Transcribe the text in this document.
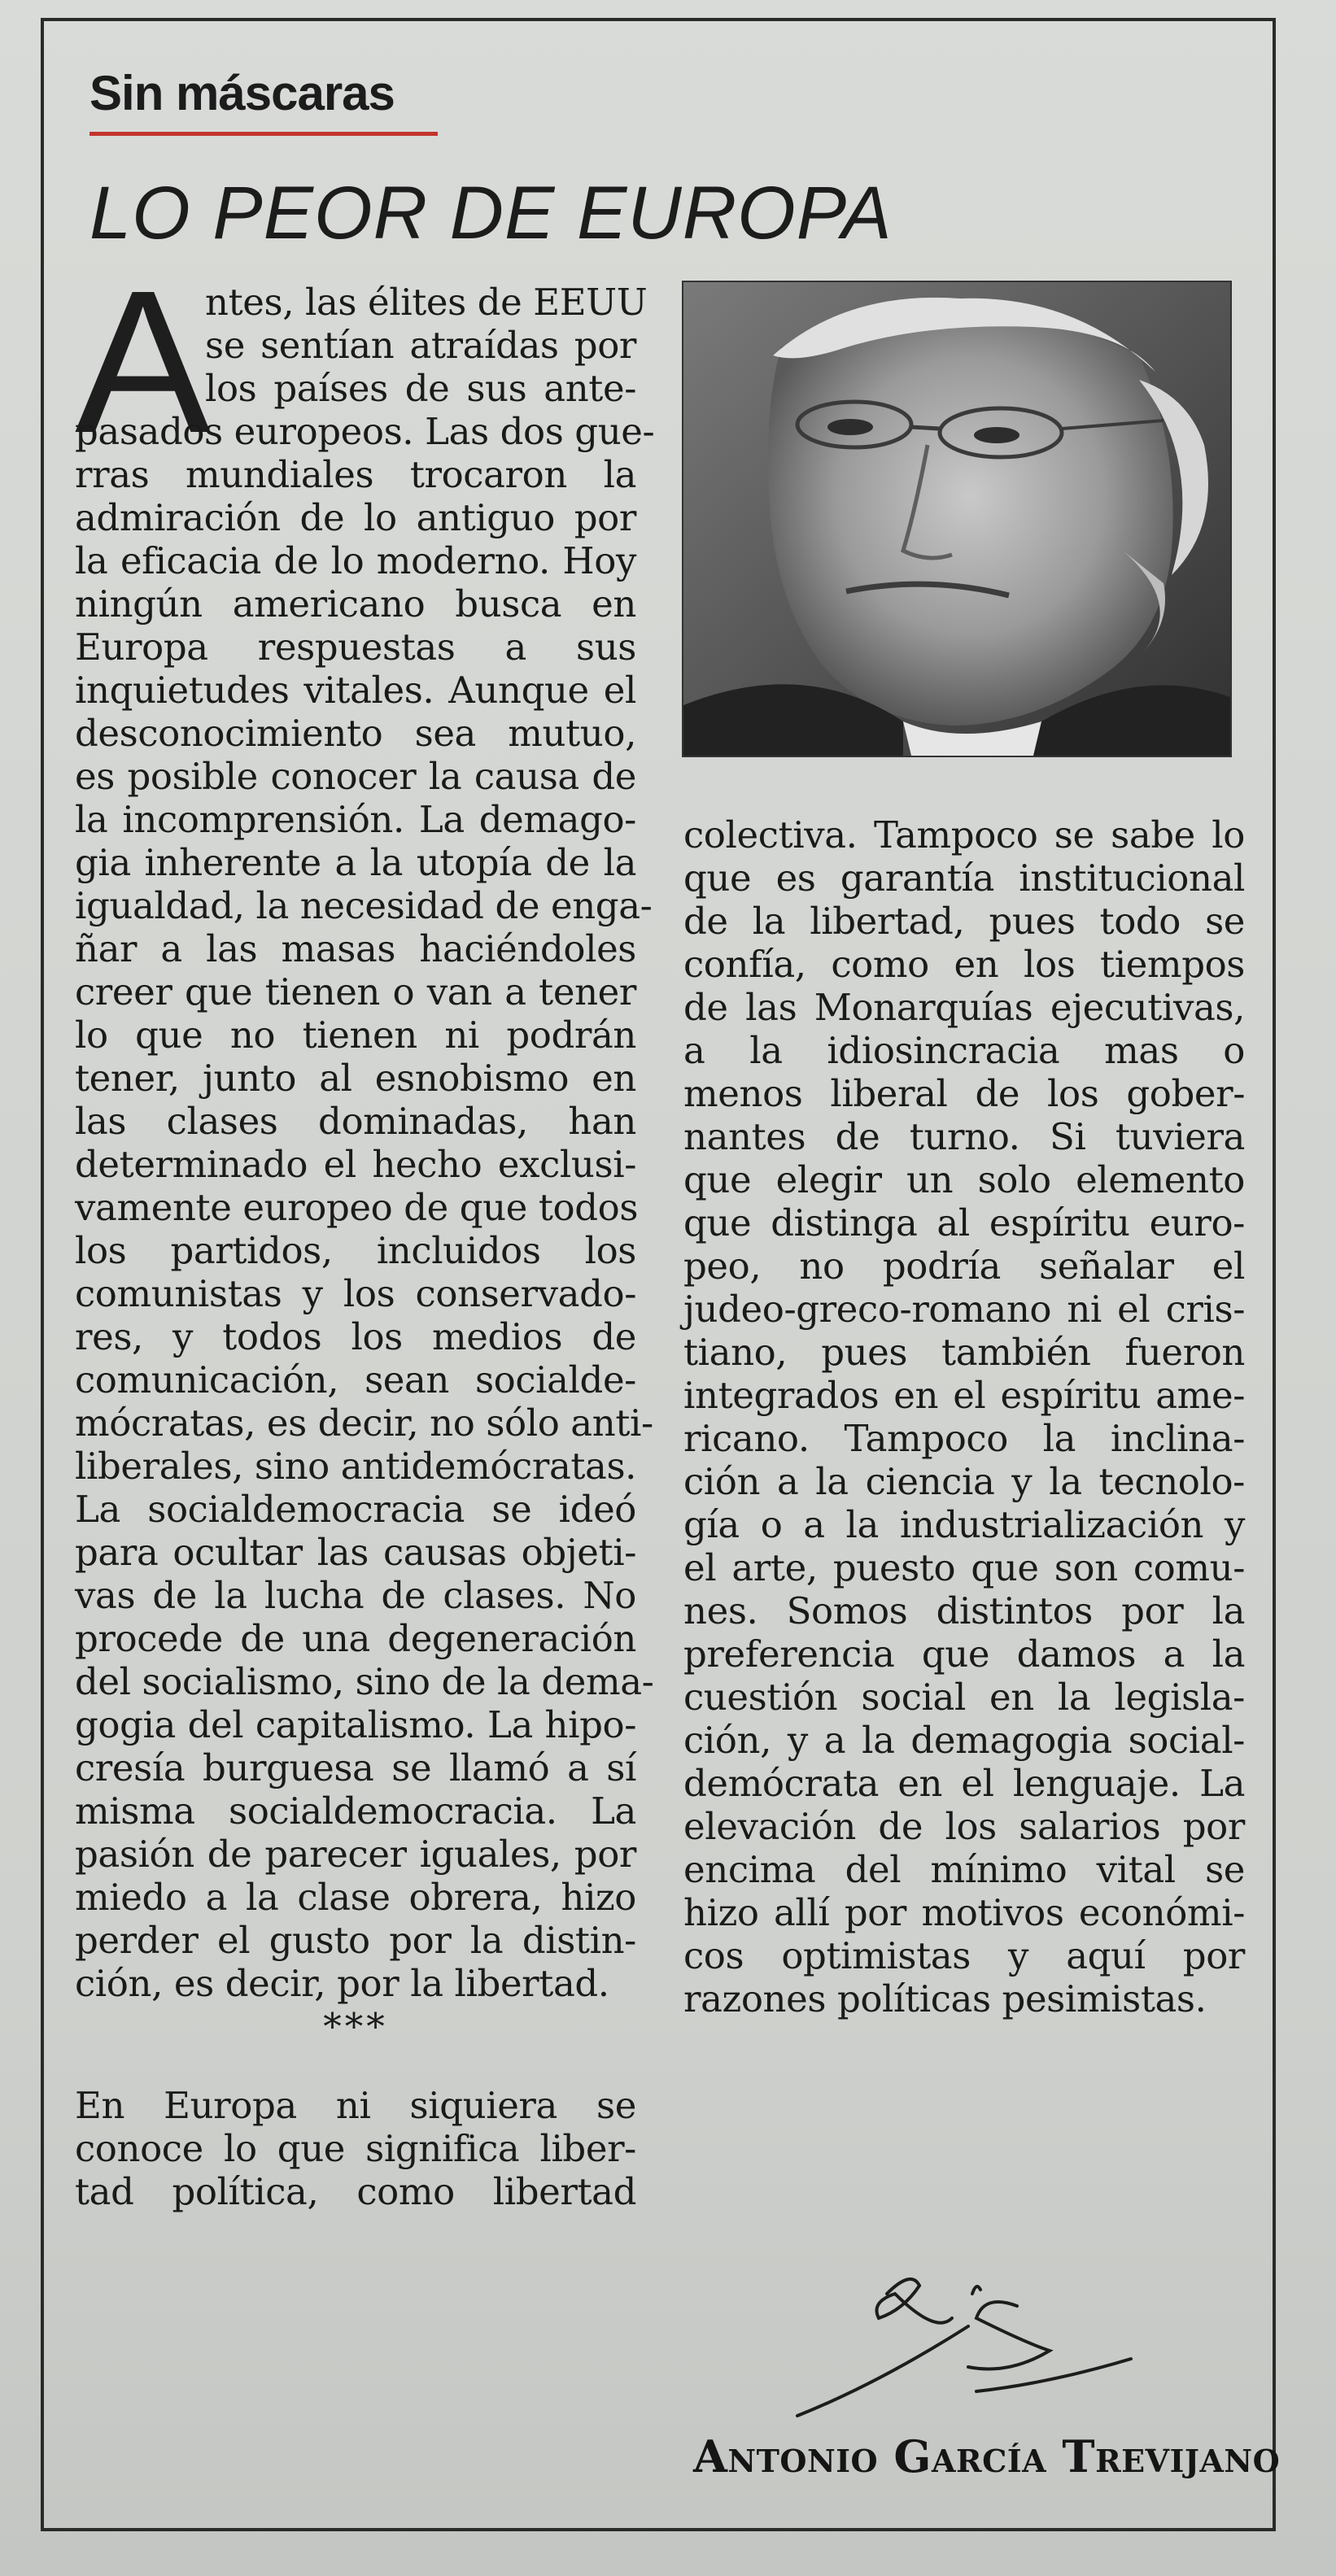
Sin máscaras
LO PEOR DE EUROPA
A
ntes, las élites de EEUU
se sentían atraídas por
los países de sus ante-
pasados europeos. Las dos gue-
rras mundiales trocaron la
admiración de lo antiguo por
la eficacia de lo moderno. Hoy
ningún americano busca en
Europa respuestas a sus
inquietudes vitales. Aunque el
desconocimiento sea mutuo,
es posible conocer la causa de
la incomprensión. La demago-
gia inherente a la utopía de la
igualdad, la necesidad de enga-
ñar a las masas haciéndoles
creer que tienen o van a tener
lo que no tienen ni podrán
tener, junto al esnobismo en
las clases dominadas, han
determinado el hecho exclusi-
vamente europeo de que todos
los partidos, incluidos los
comunistas y los conservado-
res, y todos los medios de
comunicación, sean socialde-
mócratas, es decir, no sólo anti-
liberales, sino antidemócratas.
La socialdemocracia se ideó
para ocultar las causas objeti-
vas de la lucha de clases. No
procede de una degeneración
del socialismo, sino de la dema-
gogia del capitalismo. La hipo-
cresía burguesa se llamó a sí
misma socialdemocracia. La
pasión de parecer iguales, por
miedo a la clase obrera, hizo
perder el gusto por la distin-
ción, es decir, por la libertad.
***
En Europa ni siquiera se
conoce lo que significa liber-
tad política, como libertad
colectiva. Tampoco se sabe lo
que es garantía institucional
de la libertad, pues todo se
confía, como en los tiempos
de las Monarquías ejecutivas,
a la idiosincracia mas o
menos liberal de los gober-
nantes de turno. Si tuviera
que elegir un solo elemento
que distinga al espíritu euro-
peo, no podría señalar el
judeo-greco-romano ni el cris-
tiano, pues también fueron
integrados en el espíritu ame-
ricano. Tampoco la inclina-
ción a la ciencia y la tecnolo-
gía o a la industrialización y
el arte, puesto que son comu-
nes. Somos distintos por la
preferencia que damos a la
cuestión social en la legisla-
ción, y a la demagogia social-
demócrata en el lenguaje. La
elevación de los salarios por
encima del mínimo vital se
hizo allí por motivos económi-
cos optimistas y aquí por
razones políticas pesimistas.
Antonio García Trevijano
